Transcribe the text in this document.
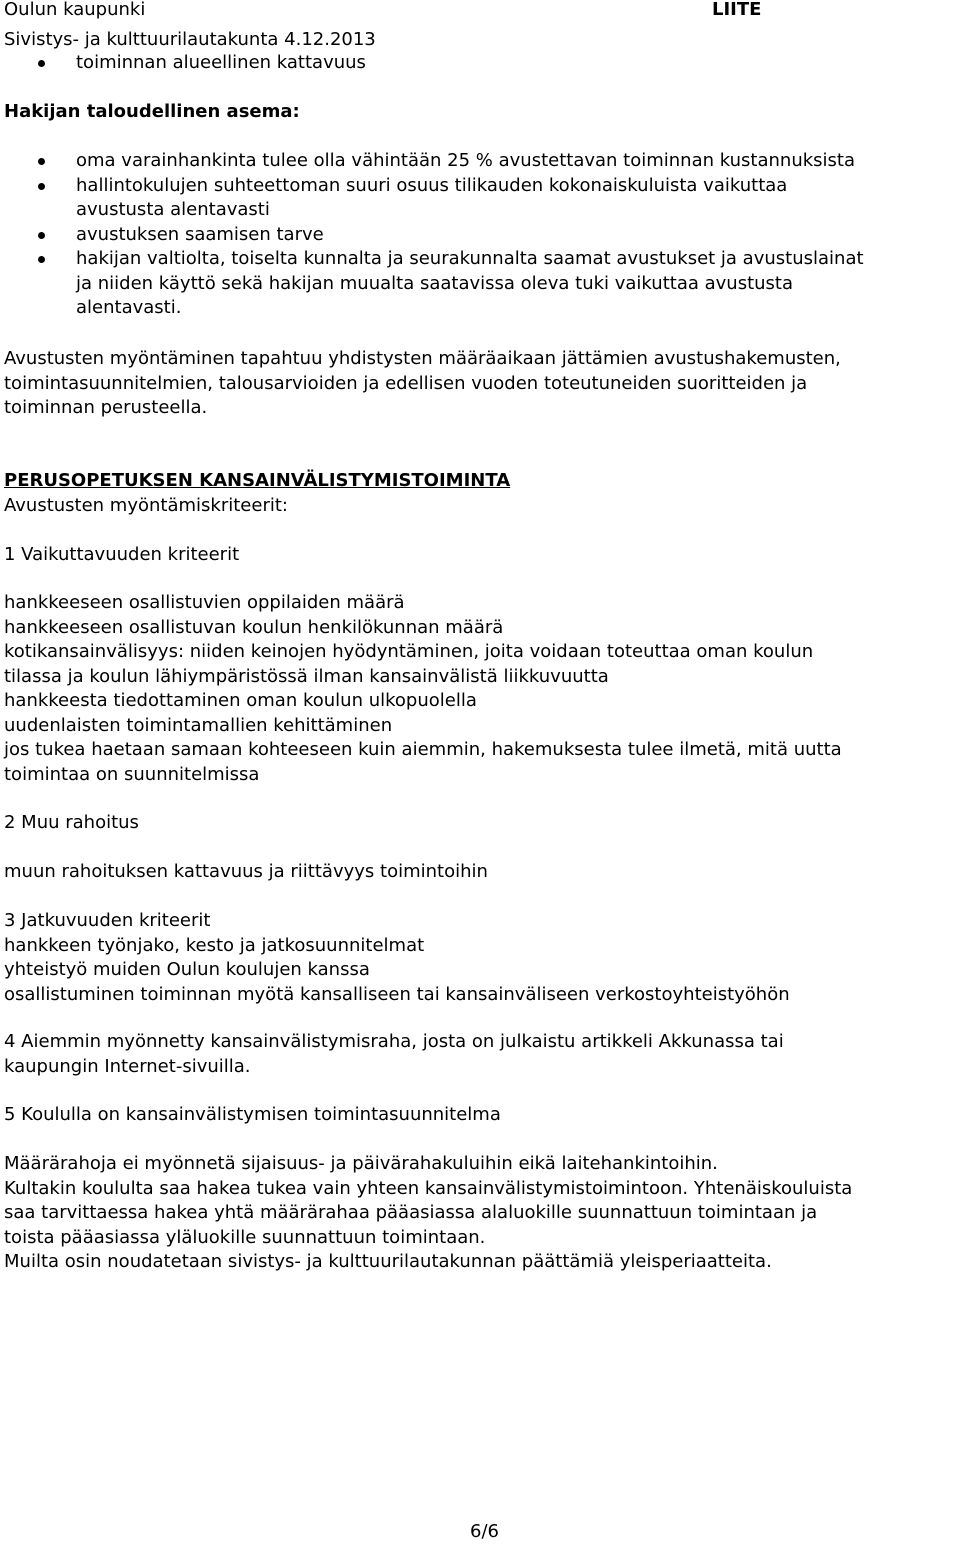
Oulun kaupunki
Sivistys- ja kulttuurilautakunta 4.12.2013
LIITE
toiminnan alueellinen kattavuus
Hakijan taloudellinen asema:
oma varainhankinta tulee olla vähintään 25 % avustettavan toiminnan kustannuksista
hallintokulujen suhteettoman suuri osuus tilikauden kokonaiskuluista vaikuttaa
avustusta alentavasti
avustuksen saamisen tarve
hakijan valtiolta, toiselta kunnalta ja seurakunnalta saamat avustukset ja avustuslainat
ja niiden käyttö sekä hakijan muualta saatavissa oleva tuki vaikuttaa avustusta
alentavasti.
Avustusten myöntäminen tapahtuu yhdistysten määräaikaan jättämien avustushakemusten,
toimintasuunnitelmien, talousarvioiden ja edellisen vuoden toteutuneiden suoritteiden ja
toiminnan perusteella.
PERUSOPETUKSEN KANSAINVÄLISTYMISTOIMINTA
Avustusten myöntämiskriteerit:
1 Vaikuttavuuden kriteerit
hankkeeseen osallistuvien oppilaiden määrä
hankkeeseen osallistuvan koulun henkilökunnan määrä
kotikansainvälisyys: niiden keinojen hyödyntäminen, joita voidaan toteuttaa oman koulun
tilassa ja koulun lähiympäristössä ilman kansainvälistä liikkuvuutta
hankkeesta tiedottaminen oman koulun ulkopuolella
uudenlaisten toimintamallien kehittäminen
jos tukea haetaan samaan kohteeseen kuin aiemmin, hakemuksesta tulee ilmetä, mitä uutta
toimintaa on suunnitelmissa
2 Muu rahoitus
muun rahoituksen kattavuus ja riittävyys toimintoihin
3 Jatkuvuuden kriteerit
hankkeen työnjako, kesto ja jatkosuunnitelmat
yhteistyö muiden Oulun koulujen kanssa
osallistuminen toiminnan myötä kansalliseen tai kansainväliseen verkostoyhteistyöhön
4 Aiemmin myönnetty kansainvälistymisraha, josta on julkaistu artikkeli Akkunassa tai
kaupungin Internet-sivuilla.
5 Koululla on kansainvälistymisen toimintasuunnitelma
Määrärahoja ei myönnetä sijaisuus- ja päivärahakuluihin eikä laitehankintoihin.
Kultakin koululta saa hakea tukea vain yhteen kansainvälistymistoimintoon. Yhtenäiskouluista
saa tarvittaessa hakea yhtä määrärahaa pääasiassa alaluokille suunnattuun toimintaan ja
toista pääasiassa yläluokille suunnattuun toimintaan.
Muilta osin noudatetaan sivistys- ja kulttuurilautakunnan päättämiä yleisperiaatteita.
6/6
